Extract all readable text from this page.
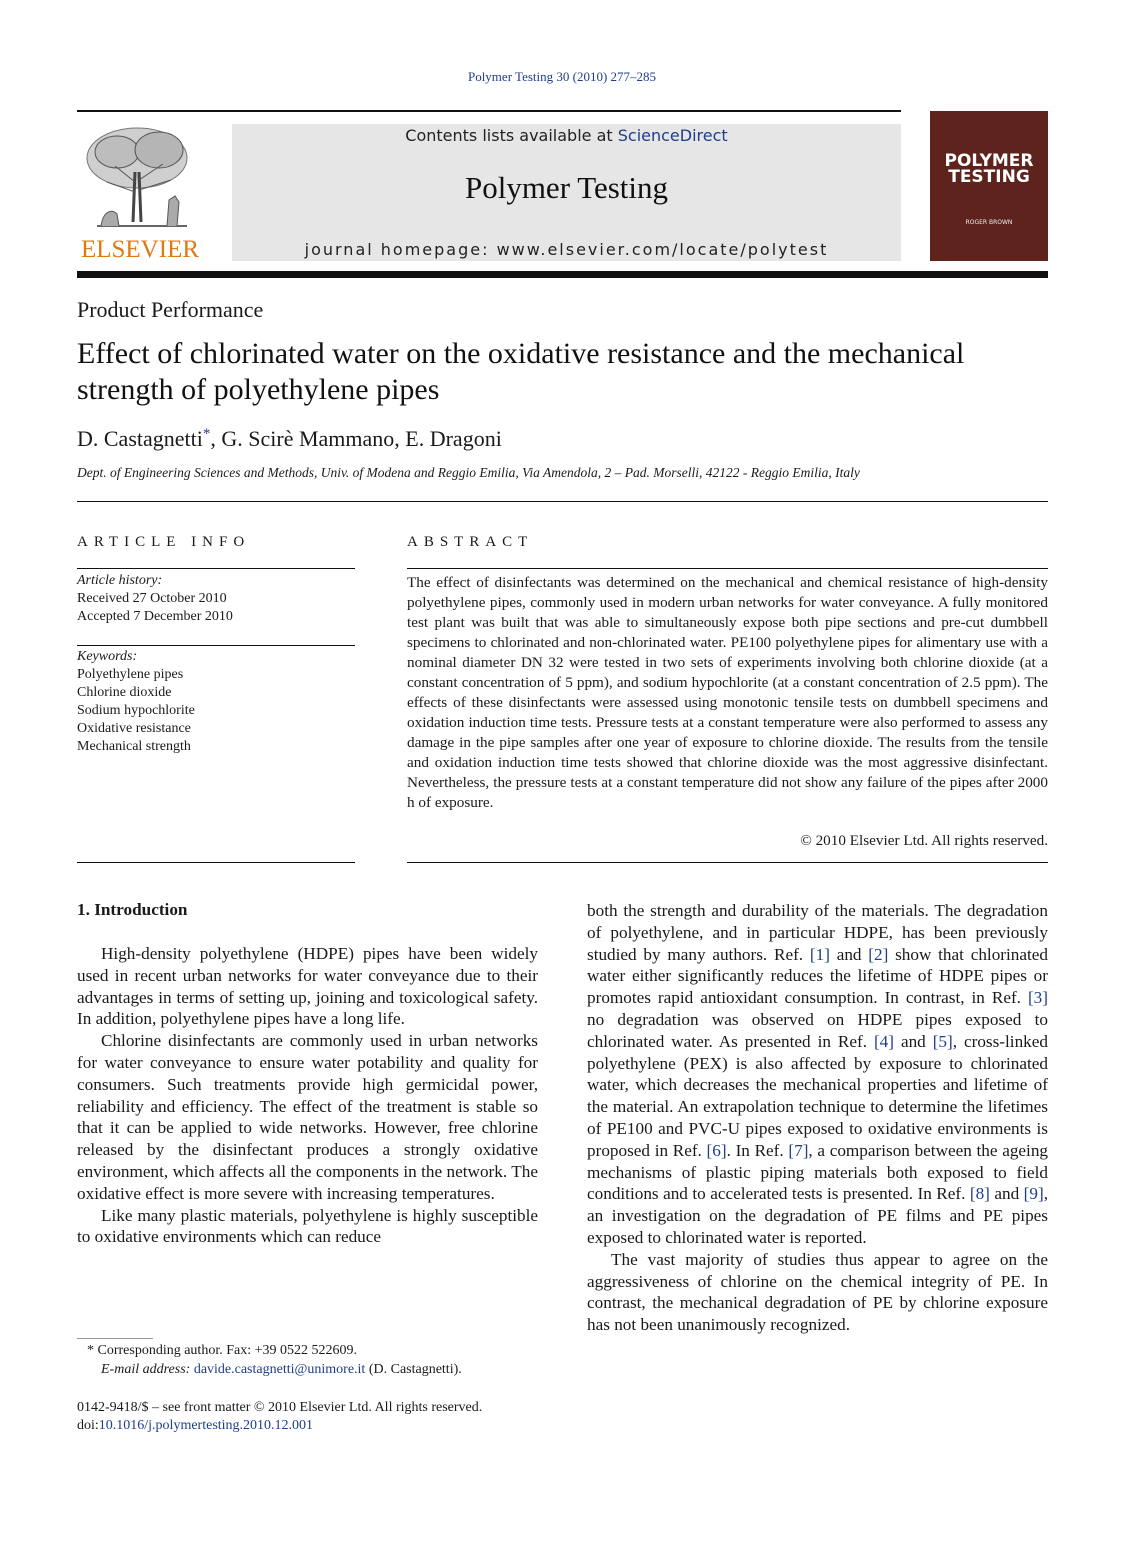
Polymer Testing 30 (2010) 277–285
ELSEVIER
Contents lists available at ScienceDirect
Polymer Testing
journal homepage: www.elsevier.com/locate/polytest
POLYMER
TESTING
ROGER BROWN
Product Performance
Effect of chlorinated water on the oxidative resistance and the mechanical strength of polyethylene pipes
D. Castagnetti*, G. Scirè Mammano, E. Dragoni
Dept. of Engineering Sciences and Methods, Univ. of Modena and Reggio Emilia, Via Amendola, 2 – Pad. Morselli, 42122 - Reggio Emilia, Italy
ARTICLE INFO	ABSTRACT
Article history:
Received 27 October 2010
Accepted 7 December 2010
Keywords:
Polyethylene pipes
Chlorine dioxide
Sodium hypochlorite
Oxidative resistance
Mechanical strength

The effect of disinfectants was determined on the mechanical and chemical resistance of high-density polyethylene pipes, commonly used in modern urban networks for water conveyance. A fully monitored test plant was built that was able to simultaneously expose both pipe sections and pre-cut dumbbell specimens to chlorinated and non-chlorinated water. PE100 polyethylene pipes for alimentary use with a nominal diameter DN 32 were tested in two sets of experiments involving both chlorine dioxide (at a constant concentration of 5 ppm), and sodium hypochlorite (at a constant concentration of 2.5 ppm). The effects of these disinfectants were assessed using monotonic tensile tests on dumbbell specimens and oxidation induction time tests. Pressure tests at a constant temperature were also performed to assess any damage in the pipe samples after one year of exposure to chlorine dioxide. The results from the tensile and oxidation induction time tests showed that chlorine dioxide was the most aggressive disinfectant. Nevertheless, the pressure tests at a constant temperature did not show any failure of the pipes after 2000 h of exposure.

© 2010 Elsevier Ltd. All rights reserved.
1. Introduction

High-density polyethylene (HDPE) pipes have been widely used in recent urban networks for water conveyance due to their advantages in terms of setting up, joining and toxicological safety. In addition, polyethylene pipes have a long life.

Chlorine disinfectants are commonly used in urban networks for water conveyance to ensure water potability and quality for consumers. Such treatments provide high germicidal power, reliability and efficiency. The effect of the treatment is stable so that it can be applied to wide networks. However, free chlorine released by the disinfectant produces a strongly oxidative environment, which affects all the components in the network. The oxidative effect is more severe with increasing temperatures.

Like many plastic materials, polyethylene is highly susceptible to oxidative environments which can reduce

both the strength and durability of the materials. The degradation of polyethylene, and in particular HDPE, has been previously studied by many authors. Ref. [1] and [2] show that chlorinated water either significantly reduces the lifetime of HDPE pipes or promotes rapid antioxidant consumption. In contrast, in Ref. [3] no degradation was observed on HDPE pipes exposed to chlorinated water. As presented in Ref. [4] and [5], cross-linked polyethylene (PEX) is also affected by exposure to chlorinated water, which decreases the mechanical properties and lifetime of the material. An extrapolation technique to determine the lifetimes of PE100 and PVC-U pipes exposed to oxidative environments is proposed in Ref. [6]. In Ref. [7], a comparison between the ageing mechanisms of plastic piping materials both exposed to field conditions and to accelerated tests is presented. In Ref. [8] and [9], an investigation on the degradation of PE films and PE pipes exposed to chlorinated water is reported.

The vast majority of studies thus appear to agree on the aggressiveness of chlorine on the chemical integrity of PE. In contrast, the mechanical degradation of PE by chlorine exposure has not been unanimously recognized.

* Corresponding author. Fax: +39 0522 522609.
E-mail address: davide.castagnetti@unimore.it (D. Castagnetti).
0142-9418/$ – see front matter © 2010 Elsevier Ltd. All rights reserved.
doi:10.1016/j.polymertesting.2010.12.001
